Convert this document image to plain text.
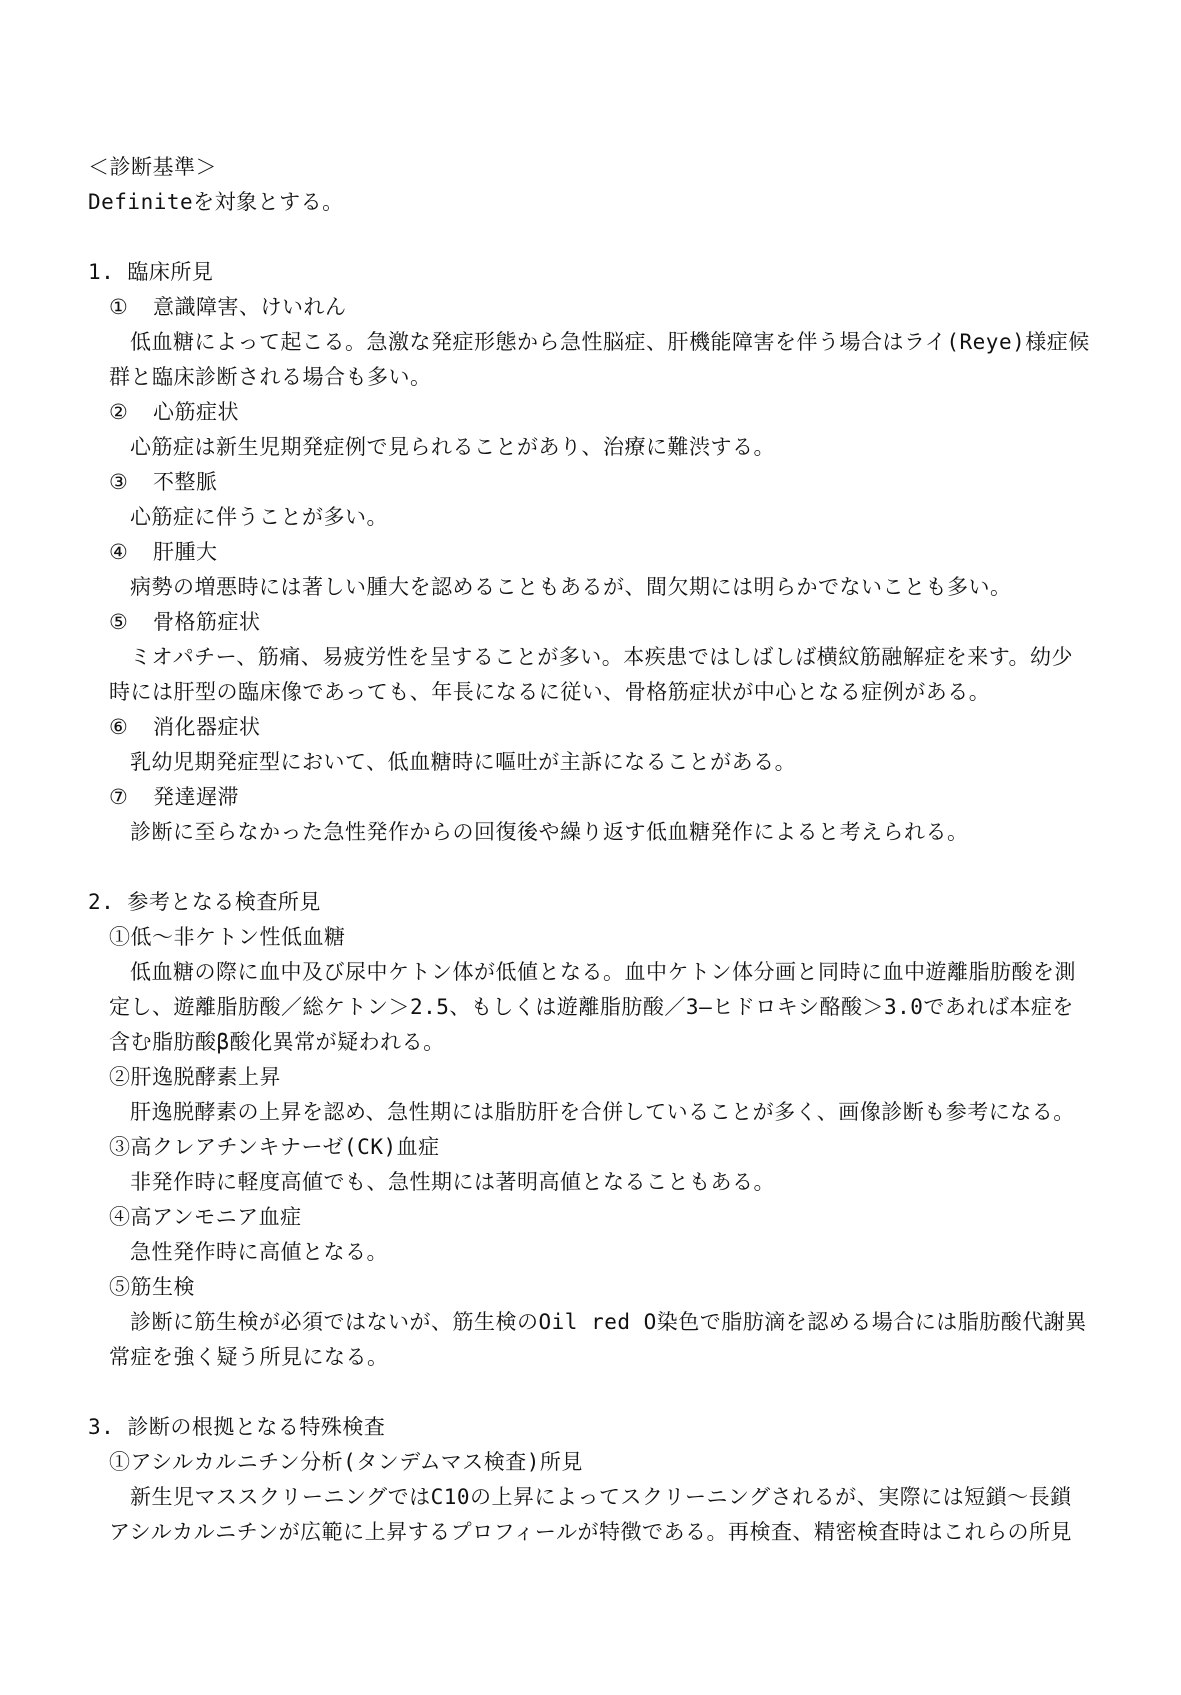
＜診断基準＞

Definiteを対象とする。

1. 臨床所見

① 意識障害、けいれん

低血糖によって起こる。急激な発症形態から急性脳症、肝機能障害を伴う場合はライ(Reye)様症候

群と臨床診断される場合も多い。

② 心筋症状

心筋症は新生児期発症例で見られることがあり、治療に難渋する。

③ 不整脈

心筋症に伴うことが多い。

④ 肝腫大

病勢の増悪時には著しい腫大を認めることもあるが、間欠期には明らかでないことも多い。

⑤ 骨格筋症状

ミオパチー、筋痛、易疲労性を呈することが多い。本疾患ではしばしば横紋筋融解症を来す。幼少

時には肝型の臨床像であっても、年長になるに従い、骨格筋症状が中心となる症例がある。

⑥ 消化器症状

乳幼児期発症型において、低血糖時に嘔吐が主訴になることがある。

⑦ 発達遅滞

診断に至らなかった急性発作からの回復後や繰り返す低血糖発作によると考えられる。

2. 参考となる検査所見

①低～非ケトン性低血糖

低血糖の際に血中及び尿中ケトン体が低値となる。血中ケトン体分画と同時に血中遊離脂肪酸を測

定し、遊離脂肪酸／総ケトン＞2.5、もしくは遊離脂肪酸／3―ヒドロキシ酪酸＞3.0であれば本症を

含む脂肪酸β酸化異常が疑われる。

②肝逸脱酵素上昇

肝逸脱酵素の上昇を認め、急性期には脂肪肝を合併していることが多く、画像診断も参考になる。

③高クレアチンキナーゼ(CK)血症

非発作時に軽度高値でも、急性期には著明高値となることもある。

④高アンモニア血症

急性発作時に高値となる。

⑤筋生検

診断に筋生検が必須ではないが、筋生検のOil red O染色で脂肪滴を認める場合には脂肪酸代謝異

常症を強く疑う所見になる。

3. 診断の根拠となる特殊検査

①アシルカルニチン分析(タンデムマス検査)所見

新生児マススクリーニングではC10の上昇によってスクリーニングされるが、実際には短鎖～長鎖

アシルカルニチンが広範に上昇するプロフィールが特徴である。再検査、精密検査時はこれらの所見
